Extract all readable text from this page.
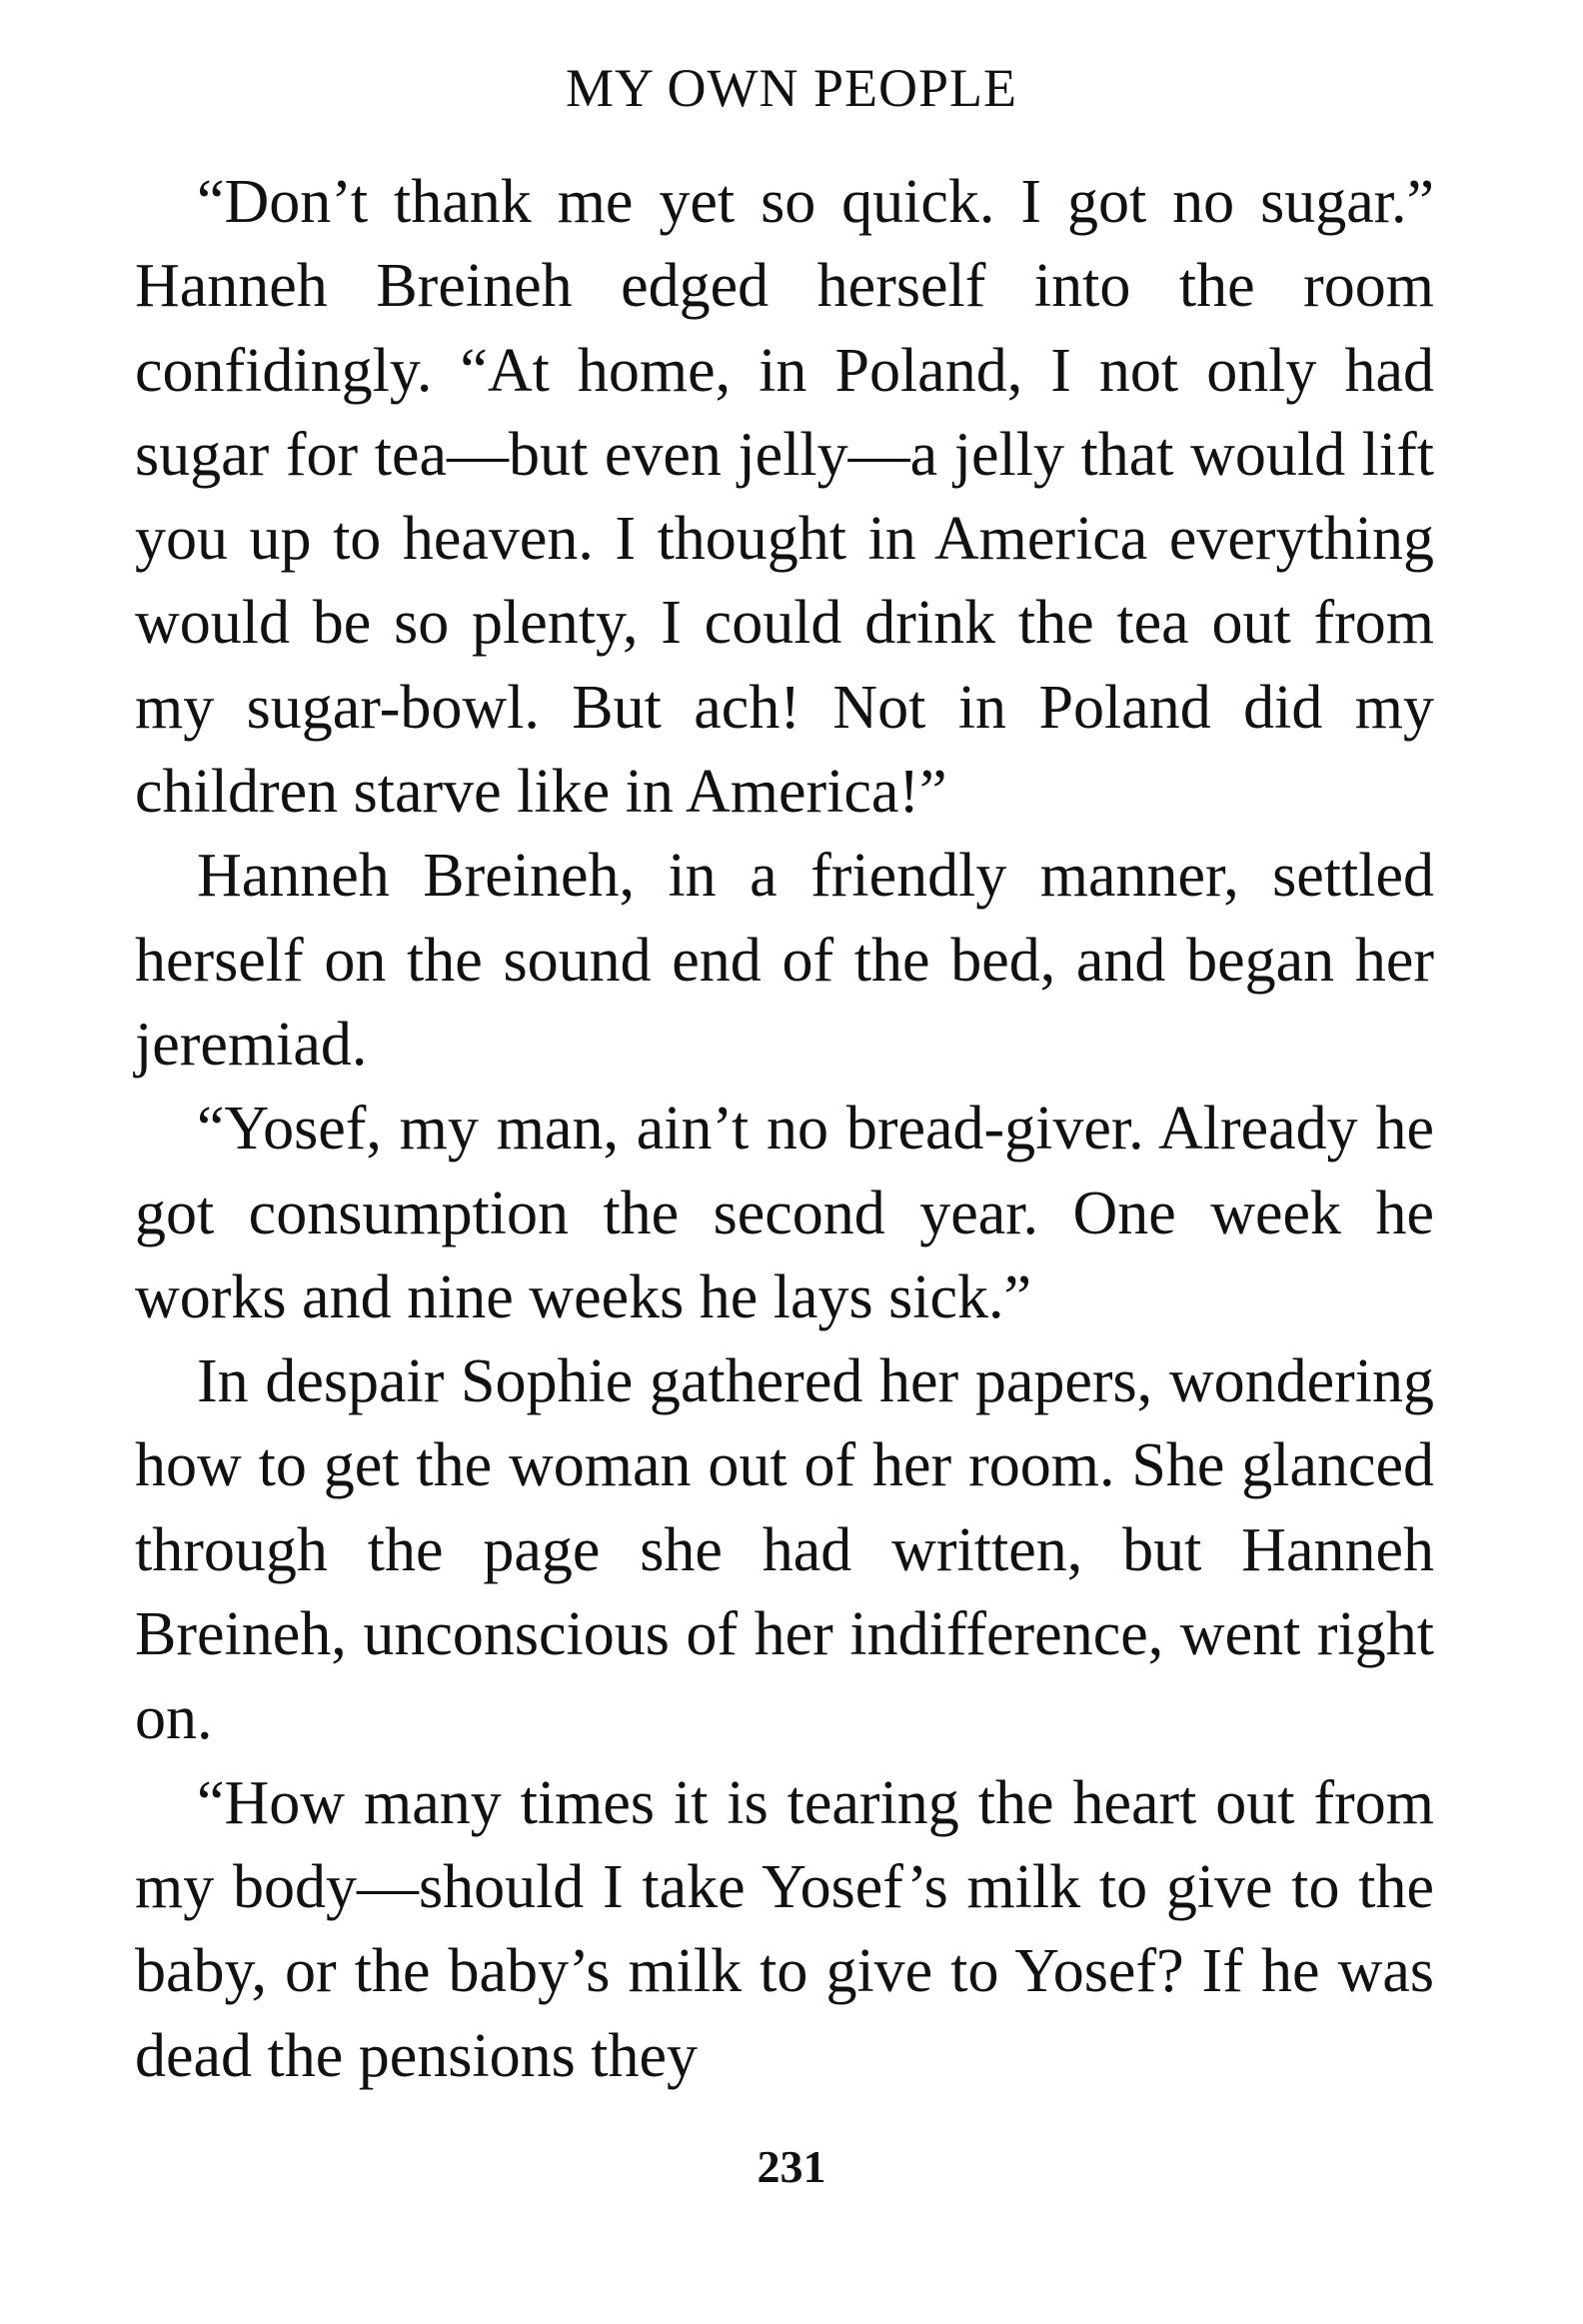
MY OWN PEOPLE

“Don’t thank me yet so quick. I got no sugar.” Hanneh Breineh edged herself into the room confidingly. “At home, in Poland, I not only had sugar for tea—but even jelly—a jelly that would lift you up to heaven. I thought in America everything would be so plenty, I could drink the tea out from my sugar-bowl. But ach! Not in Poland did my children starve like in America!”

Hanneh Breineh, in a friendly manner, settled herself on the sound end of the bed, and began her jeremiad.

“Yosef, my man, ain’t no bread-giver. Already he got consumption the second year. One week he works and nine weeks he lays sick.”

In despair Sophie gathered her papers, wondering how to get the woman out of her room. She glanced through the page she had written, but Hanneh Breineh, unconscious of her indifference, went right on.

“How many times it is tearing the heart out from my body—should I take Yosef’s milk to give to the baby, or the baby’s milk to give to Yosef? If he was dead the pensions they

231
